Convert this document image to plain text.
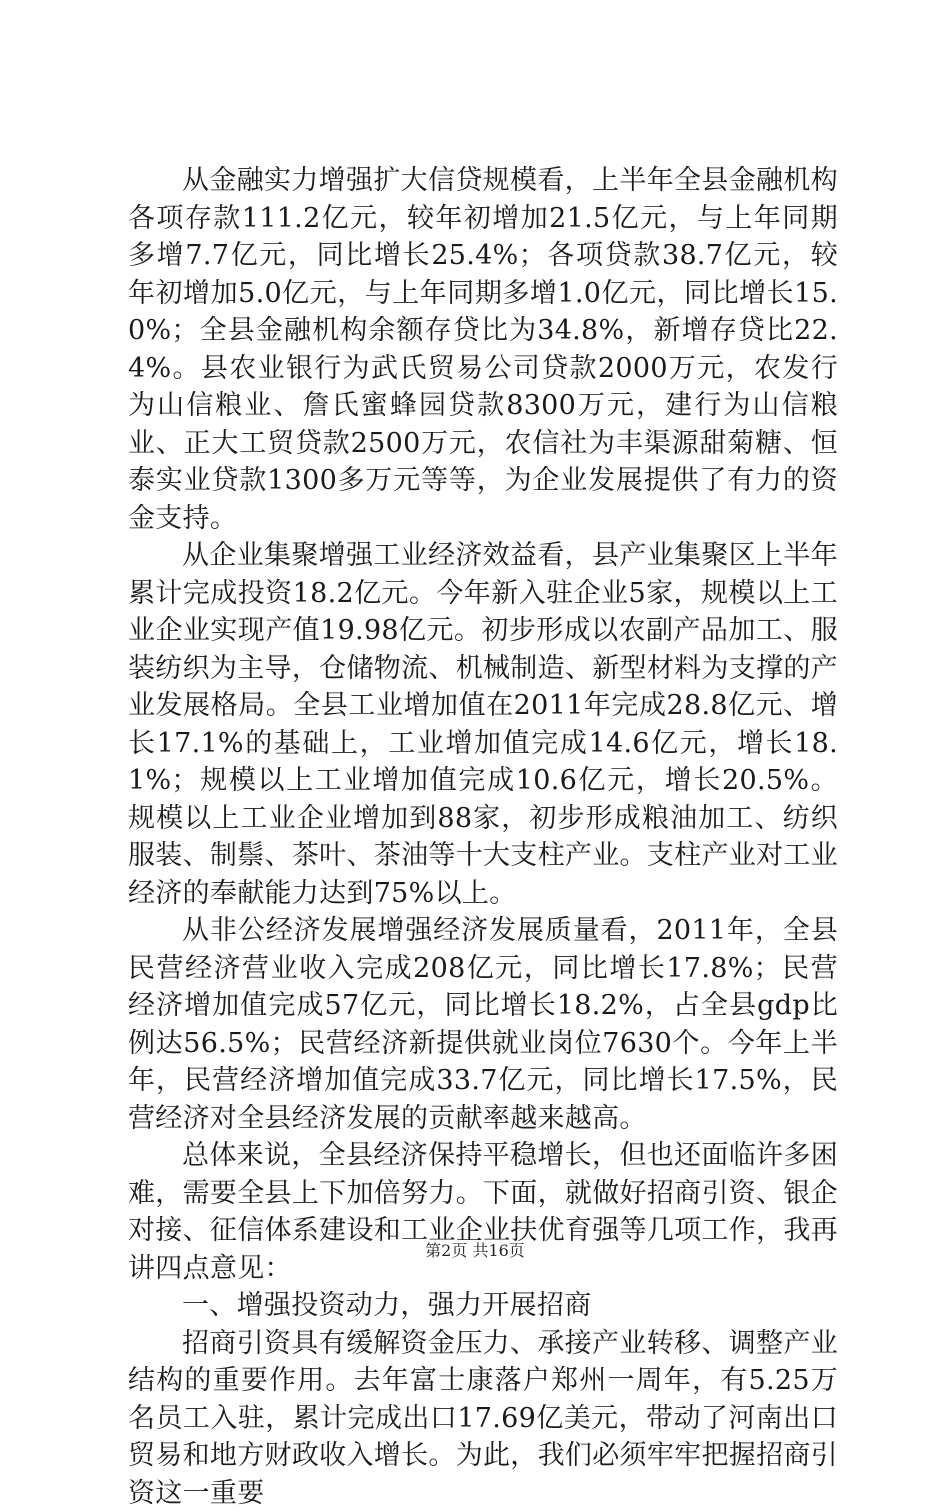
从金融实力增强扩大信贷规模看，上半年全县金融机构各项存款111.2亿元，较年初增加21.5亿元，与上年同期多增7.7亿元，同比增长25.4%；各项贷款38.7亿元，较年初增加5.0亿元，与上年同期多增1.0亿元，同比增长15.0%；全县金融机构余额存贷比为34.8%，新增存贷比22.4%。县农业银行为武氏贸易公司贷款2000万元，农发行为山信粮业、詹氏蜜蜂园贷款8300万元，建行为山信粮业、正大工贸贷款2500万元，农信社为丰渠源甜菊糖、恒泰实业贷款1300多万元等等，为企业发展提供了有力的资金支持。

从企业集聚增强工业经济效益看，县产业集聚区上半年累计完成投资18.2亿元。今年新入驻企业5家，规模以上工业企业实现产值19.98亿元。初步形成以农副产品加工、服装纺织为主导，仓储物流、机械制造、新型材料为支撑的产业发展格局。全县工业增加值在2011年完成28.8亿元、增长17.1%的基础上，工业增加值完成14.6亿元，增长18.1%；规模以上工业增加值完成10.6亿元，增长20.5%。规模以上工业企业增加到88家，初步形成粮油加工、纺织服装、制鬃、茶叶、茶油等十大支柱产业。支柱产业对工业经济的奉献能力达到75%以上。

从非公经济发展增强经济发展质量看，2011年，全县民营经济营业收入完成208亿元，同比增长17.8%；民营经济增加值完成57亿元，同比增长18.2%，占全县gdp比例达56.5%；民营经济新提供就业岗位7630个。今年上半年，民营经济增加值完成33.7亿元，同比增长17.5%，民营经济对全县经济发展的贡献率越来越高。

总体来说，全县经济保持平稳增长，但也还面临许多困难，需要全县上下加倍努力。下面，就做好招商引资、银企对接、征信体系建设和工业企业扶优育强等几项工作，我再讲四点意见：

一、增强投资动力，强力开展招商

招商引资具有缓解资金压力、承接产业转移、调整产业结构的重要作用。去年富士康落户郑州一周年，有5.25万名员工入驻，累计完成出口17.69亿美元，带动了河南出口贸易和地方财政收入增长。为此，我们必须牢牢把握招商引资这一重要

第2页 共16页
